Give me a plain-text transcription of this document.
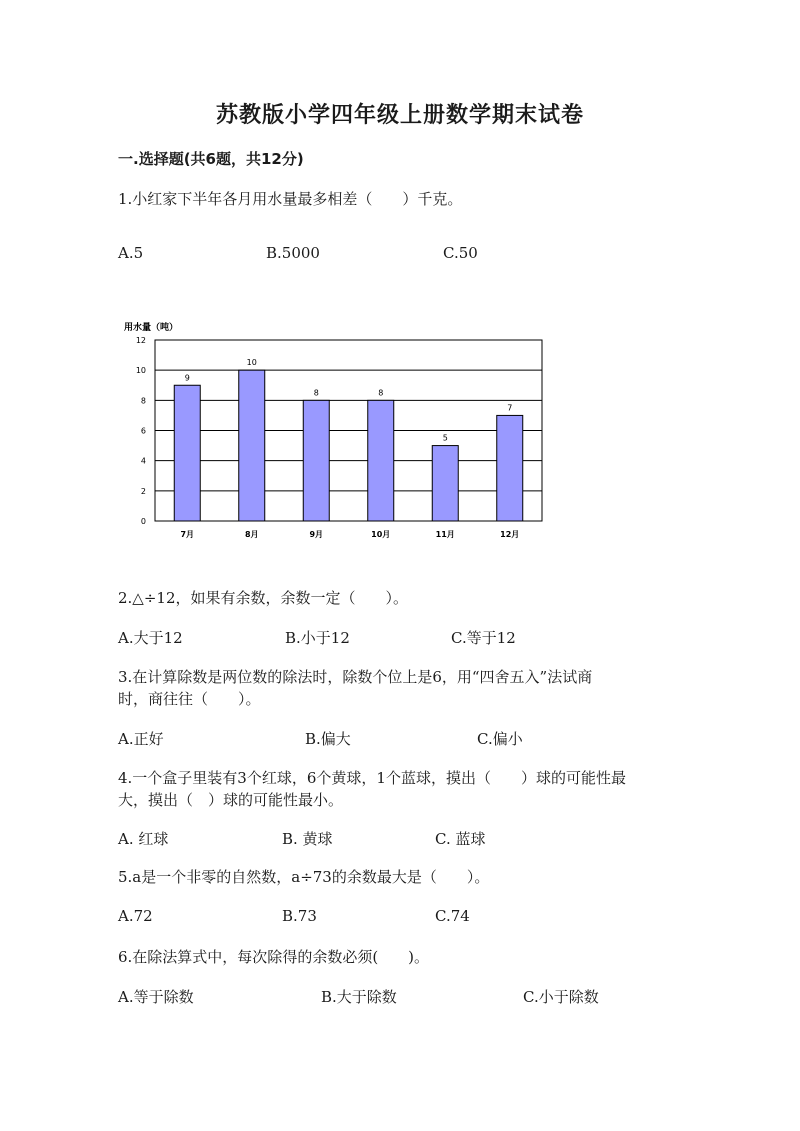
苏教版小学四年级上册数学期末试卷
一.选择题(共6题，共12分)
1.小红家下半年各月用水量最多相差（　　）千克。
A.5	B.5000	C.50
用水量（吨）
0
2
4
6
8
10
12
9
7月
10
8月
8
9月
8
10月
5
11月
7
12月
2.△÷12，如果有余数，余数一定（　　）。
A.大于12	B.小于12	C.等于12
3.在计算除数是两位数的除法时，除数个位上是6，用“四舍五入”法试商
时，商往往（　　）。
A.正好	B.偏大	C.偏小
4.一个盒子里装有3个红球，6个黄球，1个蓝球，摸出（　　）球的可能性最
大，摸出（　）球的可能性最小。
A. 红球	B. 黄球	C. 蓝球
5.a是一个非零的自然数，a÷73的余数最大是（　　）。
A.72	B.73	C.74
6.在除法算式中，每次除得的余数必须(　　)。
A.等于除数	B.大于除数	C.小于除数
